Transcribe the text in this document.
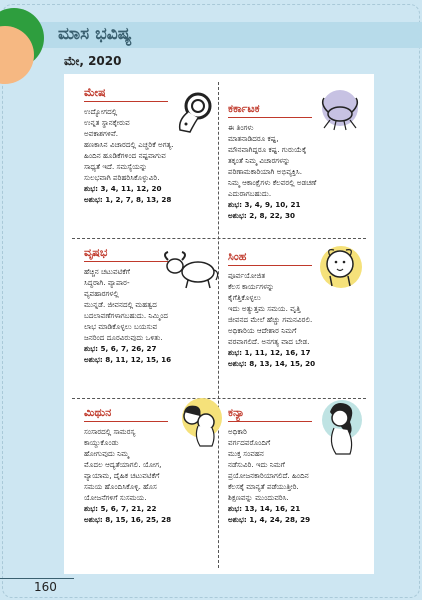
ಮಾಸ ಭವಿಷ್ಯ
ಮೇ, 2020
ಮೇಷ
ಉದ್ಯೋಗದಲ್ಲಿ
ಉನ್ನತ ಸ್ಥಾನಕ್ಕೇರುವ
ಅವಕಾಶಗಳಿವೆ.
ಹಣಕಾಸಿನ ವಿಚಾರದಲ್ಲಿ ಎಚ್ಚರಿಕೆ ಅಗತ್ಯ.
ಹಿಂದಿನ ಹೂಡಿಕೆಗಳಿಂದ ನಷ್ಟವಾಗುವ
ಸಾಧ್ಯತೆ ಇದೆ. ಸಮಸ್ಯೆಯನ್ನು
ಸುಲಭವಾಗಿ ಪರಿಹರಿಸಿಕೊಳ್ಳುವಿರಿ.
ಶುಭ: 3, 4, 11, 12, 20
ಅಶುಭ: 1, 2, 7, 8, 13, 28
ಕರ್ಕಾಟಕ
ಈ ತಿಂಗಳು
ಮಾತನಾಡಿದರೂ ಕಷ್ಟ,
ಮೌನವಾಗಿದ್ದರೂ ಕಷ್ಟ. ಗುರುಯೆಕ್ಕೆ
ತಕ್ಕಂತೆ ನಿಮ್ಮ ವಿಚಾರಗಳನ್ನು
ಪರಿಣಾಮಕಾರಿಯಾಗಿ ಅಭಿವ್ಯಕ್ತಿಸಿ.
ನಿಮ್ಮ ಆಕಾಂಕ್ಷೆಗಳು ಕೆಲವರಲ್ಲಿ ಅಡಚಣೆ
ಎದುರಾಗಬಹುದು.
ಶುಭ: 3, 4, 9, 10, 21
ಅಶುಭ: 2, 8, 22, 30
ವೃಷಭ
ಹೆಚ್ಚಿನ ಚಟುವಟಿಕೆಗೆ
ಸಿದ್ಧರಾಗಿ. ವ್ಯಾಪಾರ-
ವ್ಯವಹಾರಗಳಲ್ಲಿ
ಮುನ್ನಡೆ. ಜೀವನದಲ್ಲಿ ಮಹತ್ವದ
ಬದಲಾವಣೆಗಳಾಗಬಹುದು. ನಿಮ್ಮಿಂದ
ಲಾಭ ಮಾಡಿಕೊಳ್ಳಲು ಬಯಸುವ
ಜನರಿಂದ ದೂರವಿರುವುದು ಒಳಿತು.
ಶುಭ: 5, 6, 7, 26, 27
ಅಶುಭ: 8, 11, 12, 15, 16
ಸಿಂಹ
ಪೂರ್ವಯೋಜಿತ
ಕೆಲಸ ಕಾರ್ಯಗಳನ್ನು
ಕೈಗೆತ್ತಿಕೊಳ್ಳಲು
ಇದು ಅತ್ಯುತ್ತಮ ಸಮಯ. ವೃತ್ತಿ
ಜೀವನದ ಮೇಲೆ ಹೆಚ್ಚು ಗಮನವಿರಲಿ.
ಅಧಿಕಾರಿಯ ಆದೇಶಾರ ನಿಮಗೆ
ವರವಾಗಲಿದೆ. ಅನಗತ್ಯ ವಾದ ಬೇಡ.
ಶುಭ: 1, 11, 12, 16, 17
ಅಶುಭ: 8, 13, 14, 15, 20
ಮಿಥುನ
ಸಂಸಾರದಲ್ಲಿ ಸಾಮರಸ್ಯ
ಕಾಯ್ದುಕೊಂಡು
ಹೋಗುವುದು ನಿಮ್ಮ
ಮೊದಲ ಆದ್ಯತೆಯಾಗಲಿ. ಯೋಗ,
ವ್ಯಾಯಾಮ, ದೈಹಿಕ ಚಟುವಟಿಕೆಗೆ
ಸಮಯ ಹೊಂದಿಸಿಕೊಳ್ಳಿ. ಹೊಸ
ಯೋಜನೆಗಳಿಗೆ ಸುಸಮಯ.
ಶುಭ: 5, 6, 7, 21, 22
ಅಶುಭ: 8, 15, 16, 25, 28
ಕನ್ಯಾ
ಅಧಿಕಾರಿ
ವರ್ಗದವರೊಂದಿಗೆ
ಮುಕ್ತ ಸಂವಹನ
ನಡೆಸುವಿರಿ. ಇದು ನಿಮಗೆ
ಪ್ರಯೋಜನಕಾರಿಯಾಗಲಿದೆ. ಹಿಂದಿನ
ಕೆಲಸಕ್ಕೆ ಮಾನ್ಯತೆ ಪಡೆಯುತ್ತೀರಿ.
ಶಿಕ್ಷಣವನ್ನು ಮುಂದುವರಿಸಿ.
ಶುಭ: 13, 14, 16, 21
ಅಶುಭ: 1, 4, 24, 28, 29
160
